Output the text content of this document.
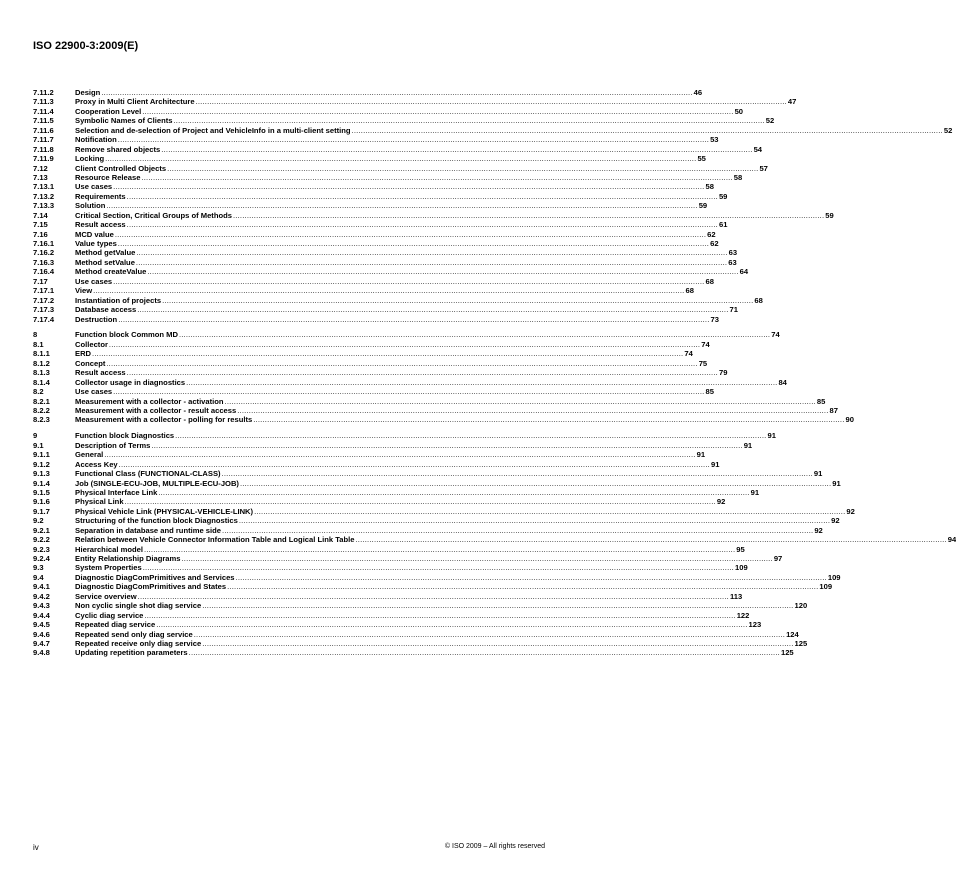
ISO 22900-3:2009(E)
7.11.2	Design .....	46
7.11.3	Proxy in Multi Client Architecture .....	47
7.11.4	Cooperation Level .....	50
7.11.5	Symbolic Names of Clients .....	52
7.11.6	Selection and de-selection of Project and VehicleInfo in a multi-client setting .....	52
7.11.7	Notification .....	53
7.11.8	Remove shared objects .....	54
7.11.9	Locking .....	55
7.12	Client Controlled Objects .....	57
7.13	Resource Release .....	58
7.13.1	Use cases .....	58
7.13.2	Requirements .....	59
7.13.3	Solution .....	59
7.14	Critical Section, Critical Groups of Methods .....	59
7.15	Result access .....	61
7.16	MCD value .....	62
7.16.1	Value types .....	62
7.16.2	Method getValue .....	63
7.16.3	Method setValue .....	63
7.16.4	Method createValue .....	64
7.17	Use cases .....	68
7.17.1	View .....	68
7.17.2	Instantiation of projects .....	68
7.17.3	Database access .....	71
7.17.4	Destruction .....	73
8	Function block Common MD .....	74
8.1	Collector .....	74
8.1.1	ERD .....	74
8.1.2	Concept .....	75
8.1.3	Result access .....	79
8.1.4	Collector usage in diagnostics .....	84
8.2	Use cases .....	85
8.2.1	Measurement with a collector - activation .....	85
8.2.2	Measurement with a collector - result access .....	87
8.2.3	Measurement with a collector - polling for results .....	90
9	Function block Diagnostics .....	91
9.1	Description of Terms .....	91
9.1.1	General .....	91
9.1.2	Access Key .....	91
9.1.3	Functional Class (FUNCTIONAL-CLASS) .....	91
9.1.4	Job (SINGLE-ECU-JOB, MULTIPLE-ECU-JOB) .....	91
9.1.5	Physical Interface Link .....	91
9.1.6	Physical Link .....	92
9.1.7	Physical Vehicle Link (PHYSICAL-VEHICLE-LINK) .....	92
9.2	Structuring of the function block Diagnostics .....	92
9.2.1	Separation in database and runtime side .....	92
9.2.2	Relation between Vehicle Connector Information Table and Logical Link Table .....	94
9.2.3	Hierarchical model .....	95
9.2.4	Entity Relationship Diagrams .....	97
9.3	System Properties .....	109
9.4	Diagnostic DiagComPrimitives and Services .....	109
9.4.1	Diagnostic DiagComPrimitives and States .....	109
9.4.2	Service overview .....	113
9.4.3	Non cyclic single shot diag service .....	120
9.4.4	Cyclic diag service .....	122
9.4.5	Repeated diag service .....	123
9.4.6	Repeated send only diag service .....	124
9.4.7	Repeated receive only diag service .....	125
9.4.8	Updating repetition parameters .....	125
iv	© ISO 2009 – All rights reserved
